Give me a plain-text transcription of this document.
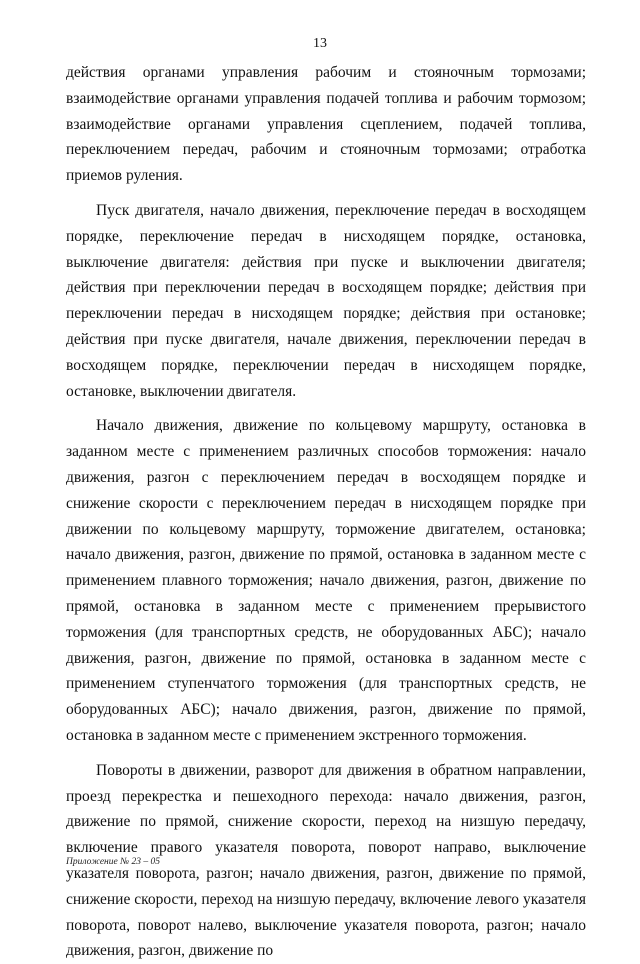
13

действия органами управления рабочим и стояночным тормозами; взаимодействие органами управления подачей топлива и рабочим тормозом; взаимодействие органами управления сцеплением, подачей топлива, переключением передач, рабочим и стояночным тормозами; отработка приемов руления.

Пуск двигателя, начало движения, переключение передач в восходящем порядке, переключение передач в нисходящем порядке, остановка, выключение двигателя: действия при пуске и выключении двигателя; действия при переключении передач в восходящем порядке; действия при переключении передач в нисходящем порядке; действия при остановке; действия при пуске двигателя, начале движения, переключении передач в восходящем порядке, переключении передач в нисходящем порядке, остановке, выключении двигателя.

Начало движения, движение по кольцевому маршруту, остановка в заданном месте с применением различных способов торможения: начало движения, разгон с переключением передач в восходящем порядке и снижение скорости с переключением передач в нисходящем порядке при движении по кольцевому маршруту, торможение двигателем, остановка; начало движения, разгон, движение по прямой, остановка в заданном месте с применением плавного торможения; начало движения, разгон, движение по прямой, остановка в заданном месте с применением прерывистого торможения (для транспортных средств, не оборудованных АБС); начало движения, разгон, движение по прямой, остановка в заданном месте с применением ступенчатого торможения (для транспортных средств, не оборудованных АБС); начало движения, разгон, движение по прямой, остановка в заданном месте с применением экстренного торможения.

Повороты в движении, разворот для движения в обратном направлении, проезд перекрестка и пешеходного перехода: начало движения, разгон, движение по прямой, снижение скорости, переход на низшую передачу, включение правого указателя поворота, поворот направо, выключение указателя поворота, разгон; начало движения, разгон, движение по прямой, снижение скорости, переход на низшую передачу, включение левого указателя поворота, поворот налево, выключение указателя поворота, разгон; начало движения, разгон, движение по

Приложение № 23 – 05
